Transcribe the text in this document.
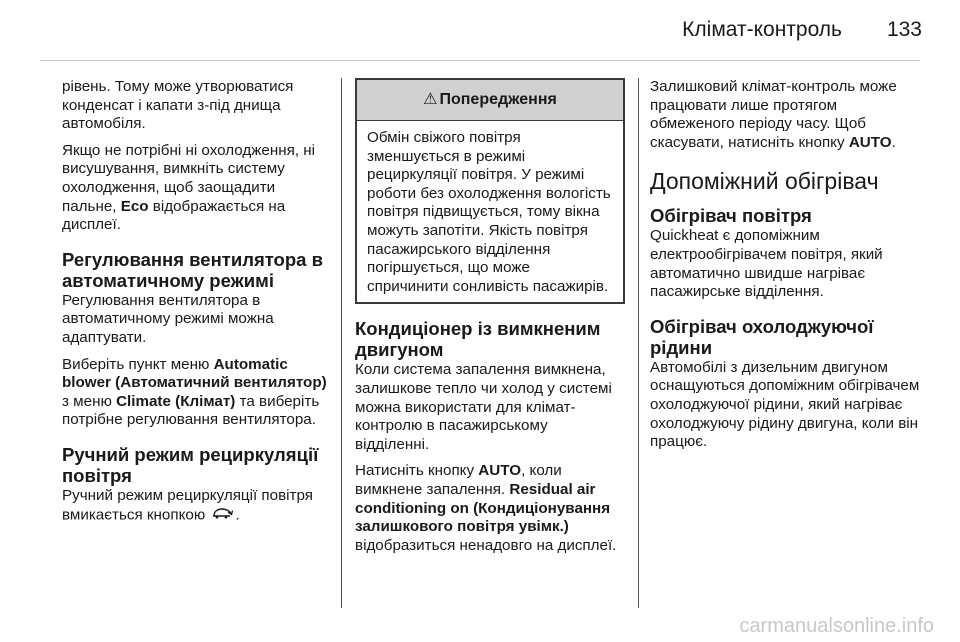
Клімат-контроль 133

рівень. Тому може утворюватися конденсат і капати з-під днища автомобіля.

Якщо не потрібні ні охолодження, ні висушування, вимкніть систему охолодження, щоб заощадити пальне, Eco відображається на дисплеї.

Регулювання вентилятора в автоматичному режимі

Регулювання вентилятора в автоматичному режимі можна адаптувати.

Виберіть пункт меню Automatic blower (Автоматичний вентилятор) з меню Climate (Клімат) та виберіть потрібне регулювання вентилятора.

Ручний режим рециркуляції повітря

Ручний режим рециркуляції повітря вмикається кнопкою .

⚠ Попередження
Обмін свіжого повітря зменшується в режимі рециркуляції повітря. У режимі роботи без охолодження вологість повітря підвищується, тому вікна можуть запотіти. Якість повітря пасажирського відділення погіршується, що може спричинити сонливість пасажирів.
Кондиціонер із вимкненим двигуном

Коли система запалення вимкнена, залишкове тепло чи холод у системі можна використати для клімат-контролю в пасажирському відділенні.

Натисніть кнопку AUTO, коли вимкнене запалення. Residual air conditioning on (Кондиціонування залишкового повітря увімк.) відобразиться ненадовго на дисплеї.

Залишковий клімат-контроль може працювати лише протягом обмеженого періоду часу. Щоб скасувати, натисніть кнопку AUTO.

Допоміжний обігрівач
Обігрівач повітря

Quickheat є допоміжним електрообігрівачем повітря, який автоматично швидше нагріває пасажирське відділення.

Обігрівач охолоджуючої рідини

Автомобілі з дизельним двигуном оснащуються допоміжним обігрівачем охолоджуючої рідини, який нагріває охолоджуючу рідину двигуна, коли він працює.

carmanualsonline.info
